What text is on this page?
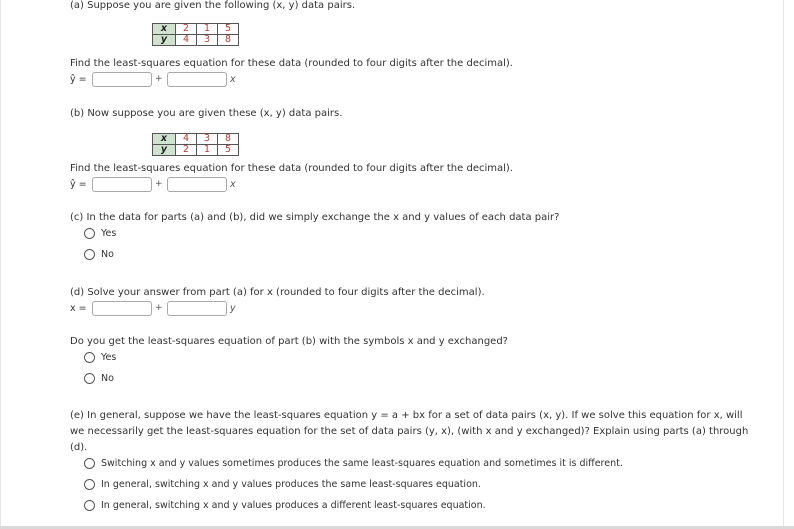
(a) Suppose you are given the following (x, y) data pairs.
x	2	1	5
y	4	3	8
Find the least-squares equation for these data (rounded to four digits after the decimal).
ŷ =	+	x
(b) Now suppose you are given these (x, y) data pairs.
x	4	3	8
y	2	1	5
Find the least-squares equation for these data (rounded to four digits after the decimal).
ŷ =	+	x
(c) In the data for parts (a) and (b), did we simply exchange the x and y values of each data pair?
Yes
No
(d) Solve your answer from part (a) for x (rounded to four digits after the decimal).
x =	+	y
Do you get the least-squares equation of part (b) with the symbols x and y exchanged?
Yes
No
(e) In general, suppose we have the least-squares equation y = a + bx for a set of data pairs (x, y). If we solve this equation for x, will
we necessarily get the least-squares equation for the set of data pairs (y, x), (with x and y exchanged)? Explain using parts (a) through
(d).
Switching x and y values sometimes produces the same least-squares equation and sometimes it is different.
In general, switching x and y values produces the same least-squares equation.
In general, switching x and y values produces a different least-squares equation.
